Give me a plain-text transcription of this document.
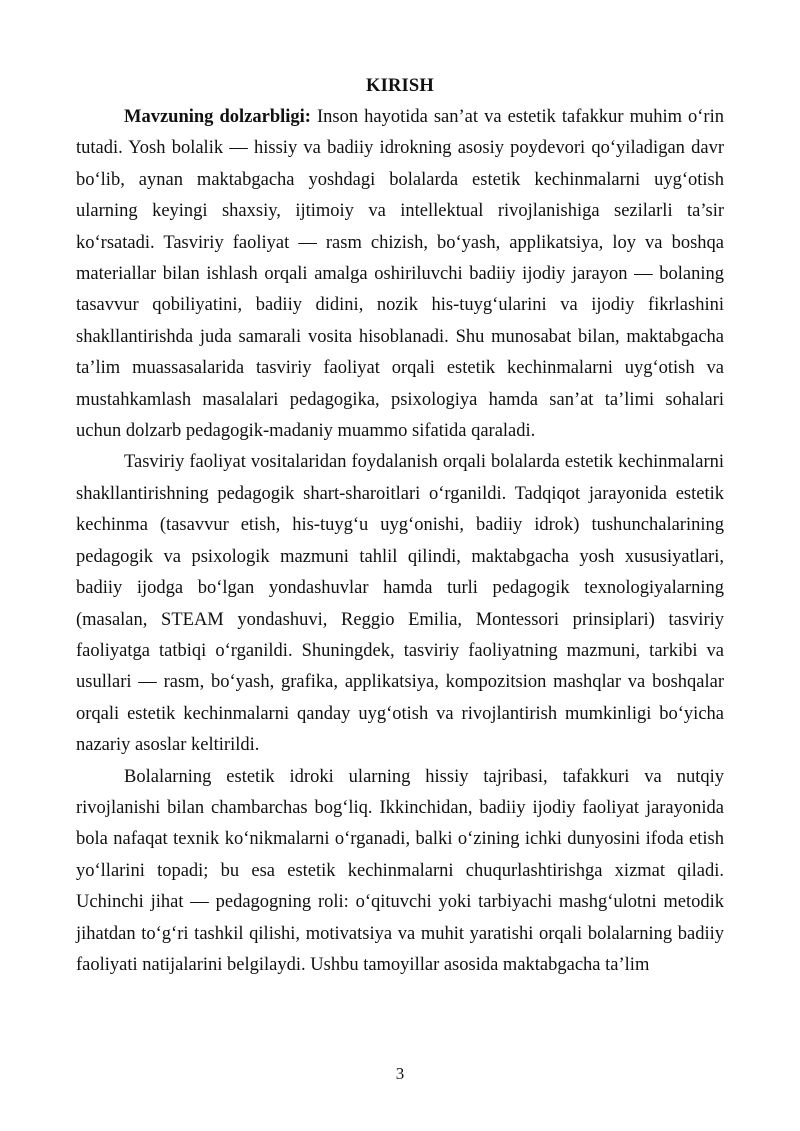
KIRISH

Mavzuning dolzarbligi: Inson hayotida san’at va estetik tafakkur muhim o‘rin tutadi. Yosh bolalik — hissiy va badiiy idrokning asosiy poydevori qo‘yiladigan davr bo‘lib, aynan maktabgacha yoshdagi bolalarda estetik kechinmalarni uyg‘otish ularning keyingi shaxsiy, ijtimoiy va intellektual rivojlanishiga sezilarli ta’sir ko‘rsatadi. Tasviriy faoliyat — rasm chizish, bo‘yash, applikatsiya, loy va boshqa materiallar bilan ishlash orqali amalga oshiriluvchi badiiy ijodiy jarayon — bolaning tasavvur qobiliyatini, badiiy didini, nozik his-tuyg‘ularini va ijodiy fikrlashini shakllantirishda juda samarali vosita hisoblanadi. Shu munosabat bilan, maktabgacha ta’lim muassasalarida tasviriy faoliyat orqali estetik kechinmalarni uyg‘otish va mustahkamlash masalalari pedagogika, psixologiya hamda san’at ta’limi sohalari uchun dolzarb pedagogik-madaniy muammo sifatida qaraladi.

Tasviriy faoliyat vositalaridan foydalanish orqali bolalarda estetik kechinmalarni shakllantirishning pedagogik shart-sharoitlari o‘rganildi. Tadqiqot jarayonida estetik kechinma (tasavvur etish, his-tuyg‘u uyg‘onishi, badiiy idrok) tushunchalarining pedagogik va psixologik mazmuni tahlil qilindi, maktabgacha yosh xususiyatlari, badiiy ijodga bo‘lgan yondashuvlar hamda turli pedagogik texnologiyalarning (masalan, STEAM yondashuvi, Reggio Emilia, Montessori prinsiplari) tasviriy faoliyatga tatbiqi o‘rganildi. Shuningdek, tasviriy faoliyatning mazmuni, tarkibi va usullari — rasm, bo‘yash, grafika, applikatsiya, kompozitsion mashqlar va boshqalar orqali estetik kechinmalarni qanday uyg‘otish va rivojlantirish mumkinligi bo‘yicha nazariy asoslar keltirildi.

Bolalarning estetik idroki ularning hissiy tajribasi, tafakkuri va nutqiy rivojlanishi bilan chambarchas bog‘liq. Ikkinchidan, badiiy ijodiy faoliyat jarayonida bola nafaqat texnik ko‘nikmalarni o‘rganadi, balki o‘zining ichki dunyosini ifoda etish yo‘llarini topadi; bu esa estetik kechinmalarni chuqurlashtirishga xizmat qiladi. Uchinchi jihat — pedagogning roli: o‘qituvchi yoki tarbiyachi mashg‘ulotni metodik jihatdan to‘g‘ri tashkil qilishi, motivatsiya va muhit yaratishi orqali bolalarning badiiy faoliyati natijalarini belgilaydi. Ushbu tamoyillar asosida maktabgacha ta’lim

3
